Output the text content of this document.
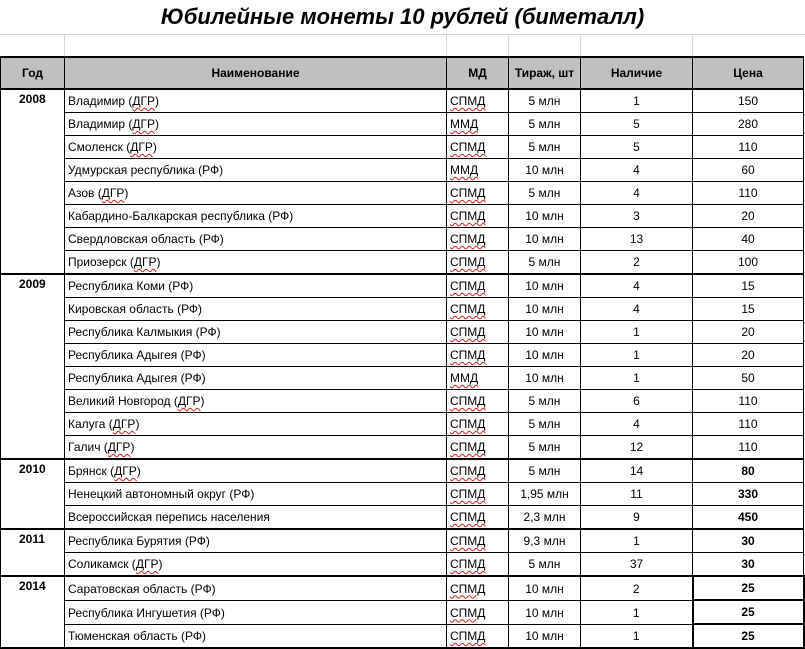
Юбилейные монеты 10 рублей (биметалл)
Год	Наименование	МД	Тираж, шт	Наличие	Цена
2008	Владимир (ДГР)	СПМД	5 млн	1	150
	Владимир (ДГР)	ММД	5 млн	5	280
	Смоленск (ДГР)	СПМД	5 млн	5	110
	Удмурская республика (РФ)	ММД	10 млн	4	60
	Азов (ДГР)	СПМД	5 млн	4	110
	Кабардино-Балкарская республика (РФ)	СПМД	10 млн	3	20
	Свердловская область (РФ)	СПМД	10 млн	13	40
	Приозерск (ДГР)	СПМД	5 млн	2	100
2009	Республика Коми (РФ)	СПМД	10 млн	4	15
	Кировская область (РФ)	СПМД	10 млн	4	15
	Республика Калмыкия (РФ)	СПМД	10 млн	1	20
	Республика Адыгея (РФ)	СПМД	10 млн	1	20
	Республика Адыгея (РФ)	ММД	10 млн	1	50
	Великий Новгород (ДГР)	СПМД	5 млн	6	110
	Калуга (ДГР)	СПМД	5 млн	4	110
	Галич (ДГР)	СПМД	5 млн	12	110
2010	Брянск (ДГР)	СПМД	5 млн	14	80
	Ненецкий автономный округ (РФ)	СПМД	1,95 млн	11	330
	Всероссийская перепись населения	СПМД	2,3 млн	9	450
2011	Республика Бурятия (РФ)	СПМД	9,3 млн	1	30
	Соликамск (ДГР)	СПМД	5 млн	37	30
2014	Саратовская область (РФ)	СПМД	10 млн	2	25
	Республика Ингушетия (РФ)	СПМД	10 млн	1	25
	Тюменская область (РФ)	СПМД	10 млн	1	25
